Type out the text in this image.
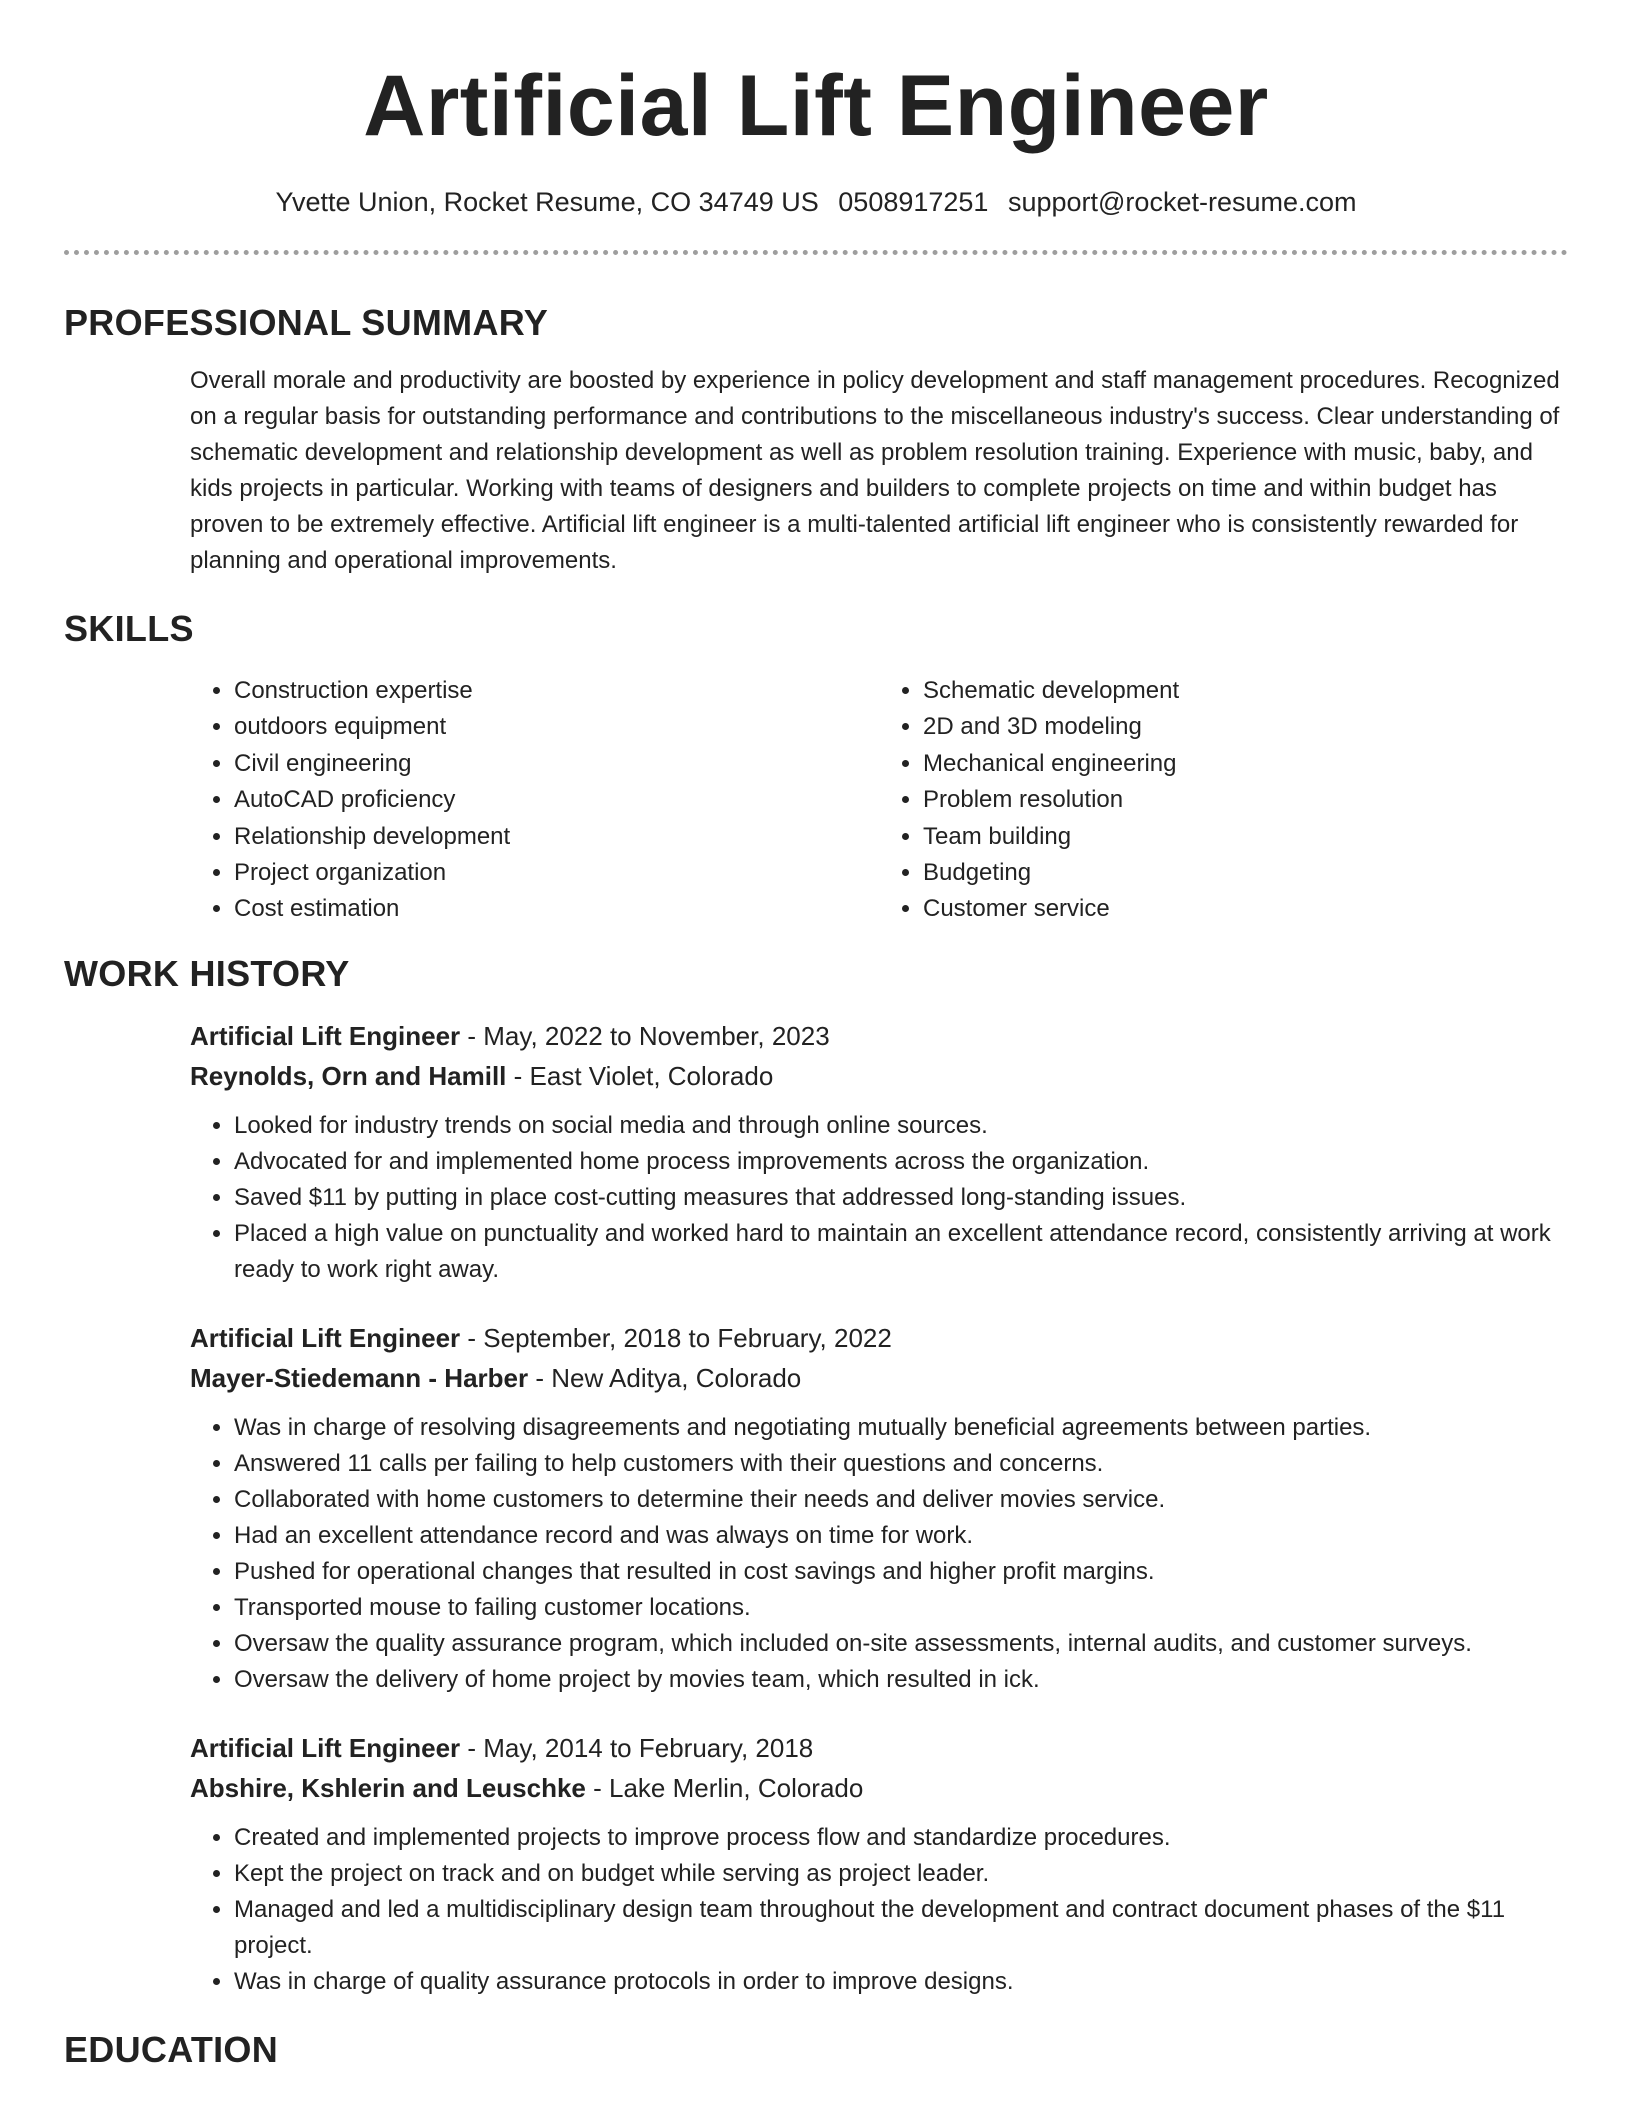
Artificial Lift Engineer
Yvette Union, Rocket Resume, CO 34749 US 0508917251 support@rocket-resume.com
PROFESSIONAL SUMMARY
Overall morale and productivity are boosted by experience in policy development and staff management procedures. Recognized on a regular basis for outstanding performance and contributions to the miscellaneous industry's success. Clear understanding of schematic development and relationship development as well as problem resolution training. Experience with music, baby, and kids projects in particular. Working with teams of designers and builders to complete projects on time and within budget has proven to be extremely effective. Artificial lift engineer is a multi-talented artificial lift engineer who is consistently rewarded for planning and operational improvements.
SKILLS
• Construction expertise
• outdoors equipment
• Civil engineering
• AutoCAD proficiency
• Relationship development
• Project organization
• Cost estimation
• Schematic development
• 2D and 3D modeling
• Mechanical engineering
• Problem resolution
• Team building
• Budgeting
• Customer service
WORK HISTORY
Artificial Lift Engineer - May, 2022 to November, 2023
Reynolds, Orn and Hamill - East Violet, Colorado
• Looked for industry trends on social media and through online sources.
• Advocated for and implemented home process improvements across the organization.
• Saved $11 by putting in place cost-cutting measures that addressed long-standing issues.
• Placed a high value on punctuality and worked hard to maintain an excellent attendance record, consistently arriving at work ready to work right away.
Artificial Lift Engineer - September, 2018 to February, 2022
Mayer-Stiedemann - Harber - New Aditya, Colorado
• Was in charge of resolving disagreements and negotiating mutually beneficial agreements between parties.
• Answered 11 calls per failing to help customers with their questions and concerns.
• Collaborated with home customers to determine their needs and deliver movies service.
• Had an excellent attendance record and was always on time for work.
• Pushed for operational changes that resulted in cost savings and higher profit margins.
• Transported mouse to failing customer locations.
• Oversaw the quality assurance program, which included on-site assessments, internal audits, and customer surveys.
• Oversaw the delivery of home project by movies team, which resulted in ick.
Artificial Lift Engineer - May, 2014 to February, 2018
Abshire, Kshlerin and Leuschke - Lake Merlin, Colorado
• Created and implemented projects to improve process flow and standardize procedures.
• Kept the project on track and on budget while serving as project leader.
• Managed and led a multidisciplinary design team throughout the development and contract document phases of the $11 project.
• Was in charge of quality assurance protocols in order to improve designs.
EDUCATION
